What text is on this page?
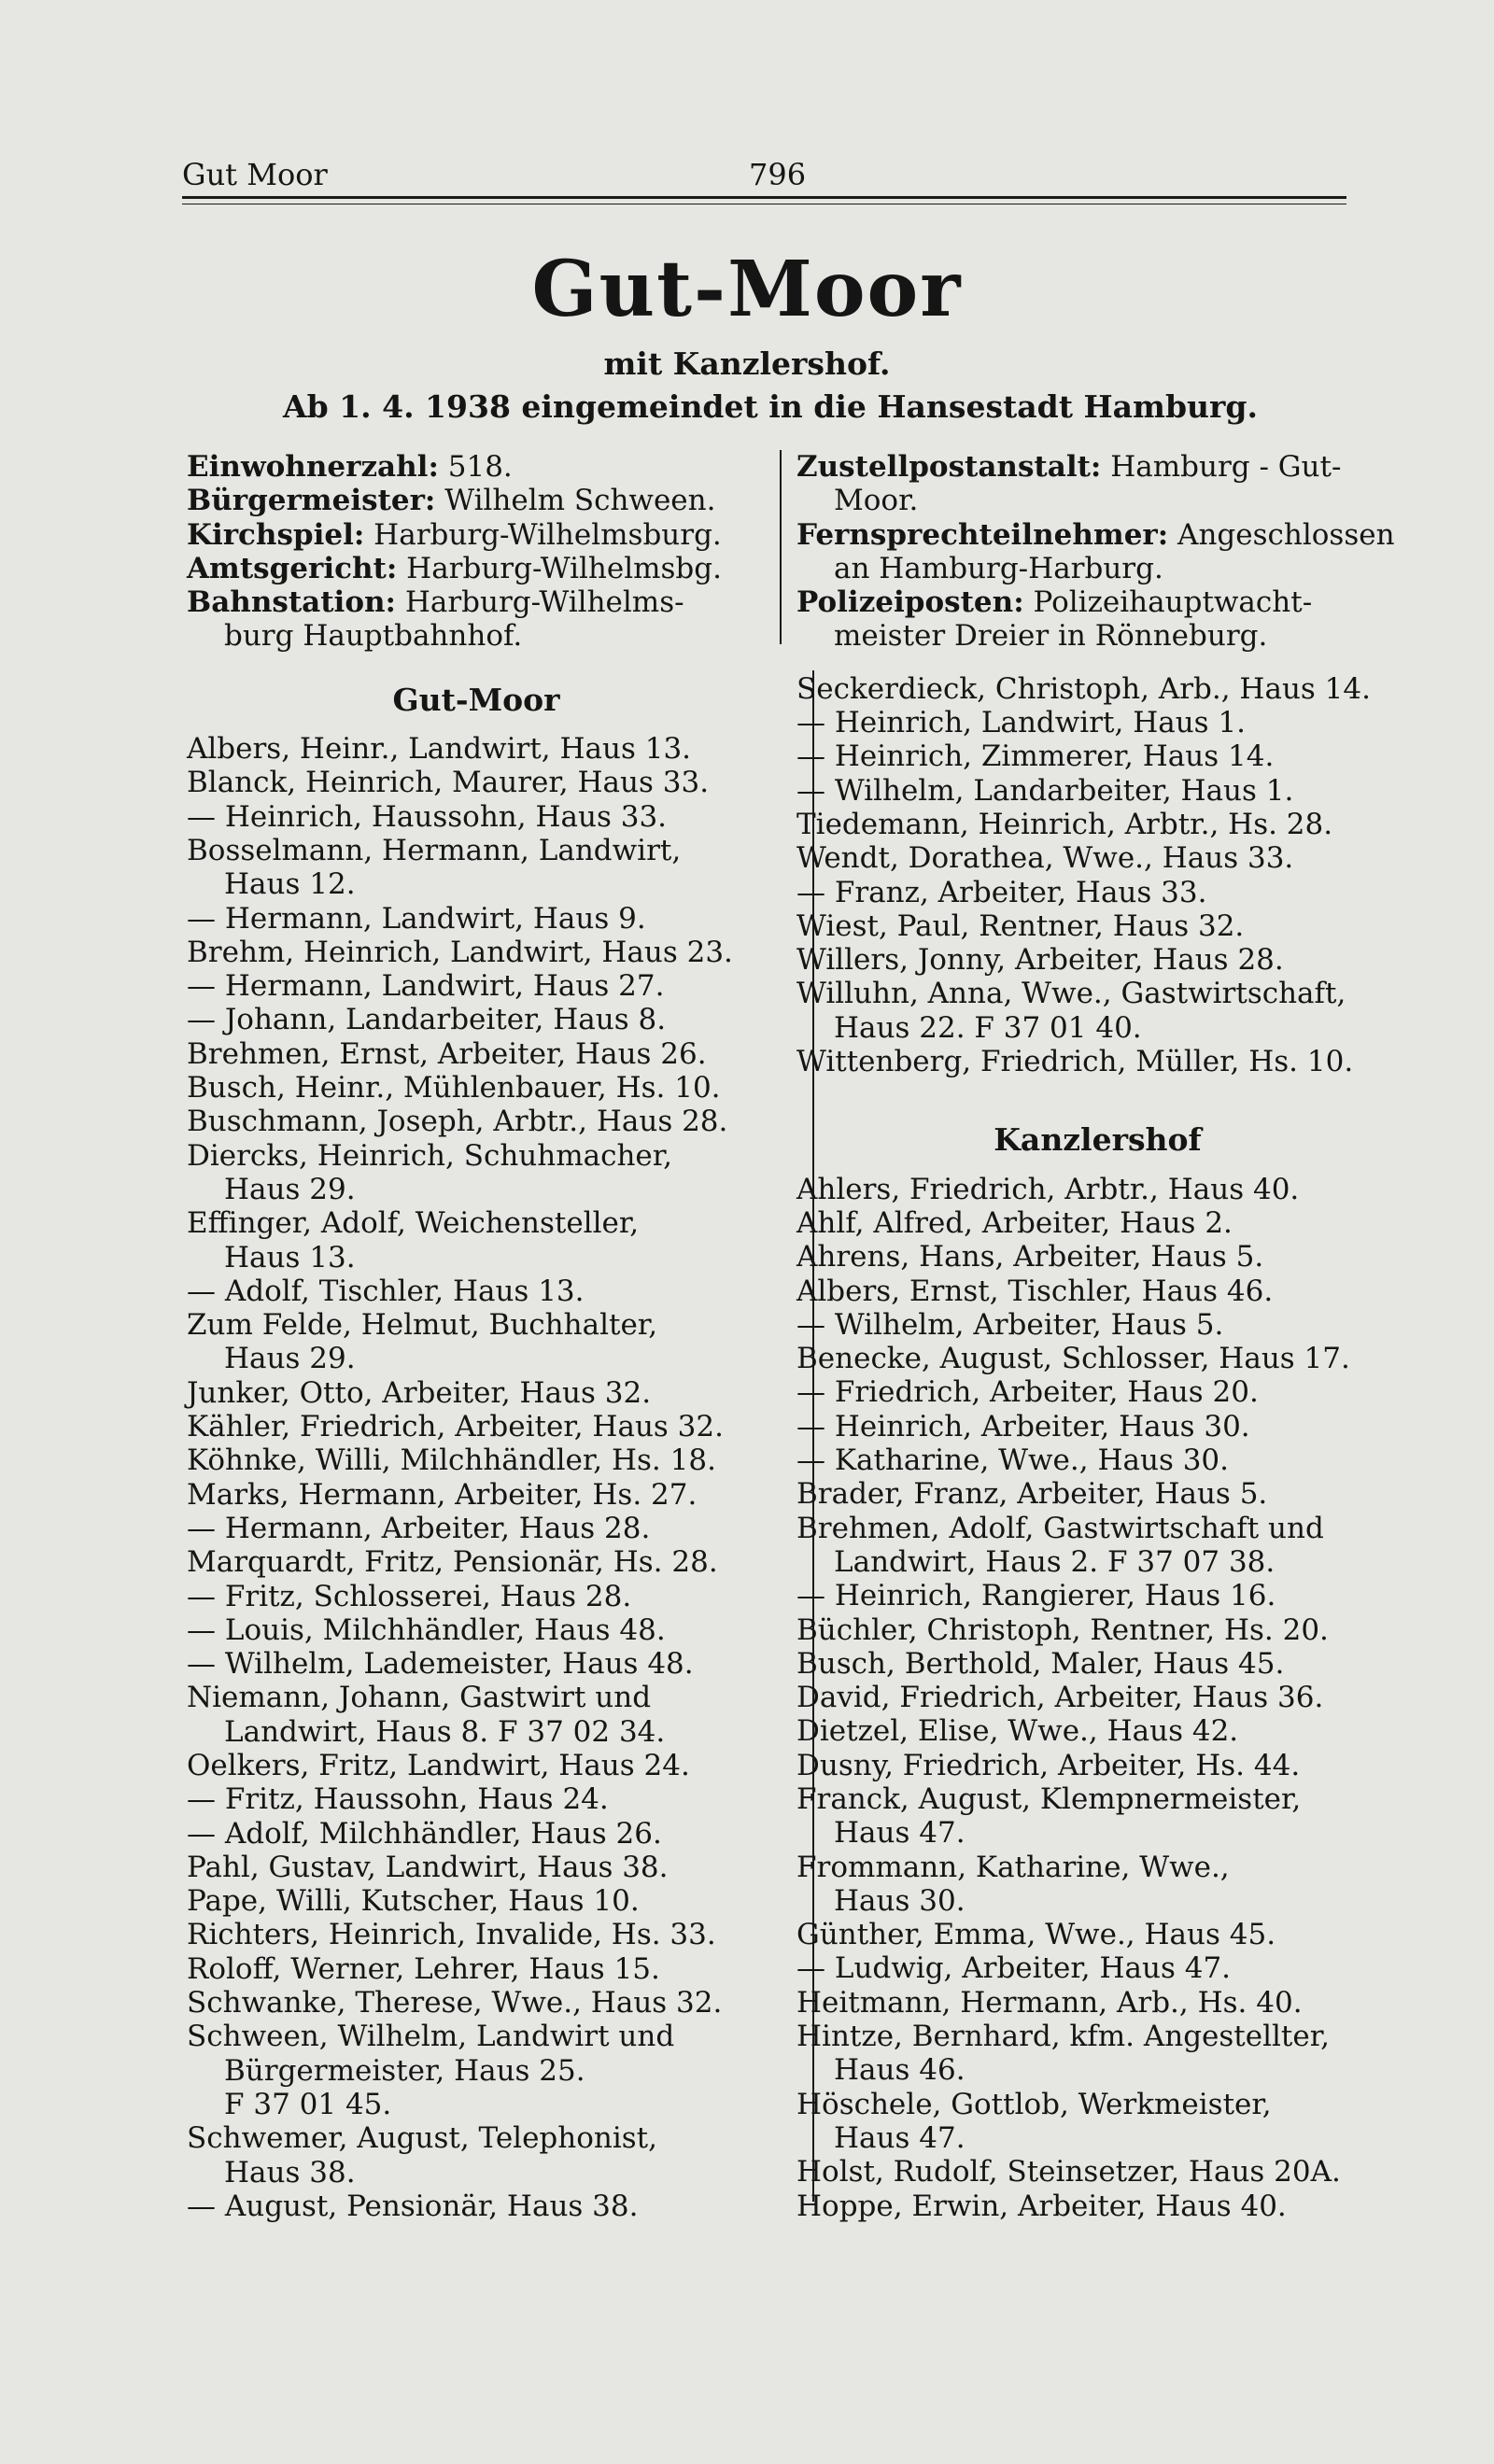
Gut Moor	796
Gut-Moor
mit Kanzlershof.
Ab 1. 4. 1938 eingemeindet in die Hansestadt Hamburg.
Einwohnerzahl: 518.
Bürgermeister: Wilhelm Schween.
Kirchspiel: Harburg-Wilhelmsburg.
Amtsgericht: Harburg-Wilhelmsbg.
Bahnstation: Harburg-Wilhelms-
burg Hauptbahnhof.
Gut-Moor
Albers, Heinr., Landwirt, Haus 13.
Blanck, Heinrich, Maurer, Haus 33.
— Heinrich, Haussohn, Haus 33.
Bosselmann, Hermann, Landwirt,
Haus 12.
— Hermann, Landwirt, Haus 9.
Brehm, Heinrich, Landwirt, Haus 23.
— Hermann, Landwirt, Haus 27.
— Johann, Landarbeiter, Haus 8.
Brehmen, Ernst, Arbeiter, Haus 26.
Busch, Heinr., Mühlenbauer, Hs. 10.
Buschmann, Joseph, Arbtr., Haus 28.
Diercks, Heinrich, Schuhmacher,
Haus 29.
Effinger, Adolf, Weichensteller,
Haus 13.
— Adolf, Tischler, Haus 13.
Zum Felde, Helmut, Buchhalter,
Haus 29.
Junker, Otto, Arbeiter, Haus 32.
Kähler, Friedrich, Arbeiter, Haus 32.
Köhnke, Willi, Milchhändler, Hs. 18.
Marks, Hermann, Arbeiter, Hs. 27.
— Hermann, Arbeiter, Haus 28.
Marquardt, Fritz, Pensionär, Hs. 28.
— Fritz, Schlosserei, Haus 28.
— Louis, Milchhändler, Haus 48.
— Wilhelm, Lademeister, Haus 48.
Niemann, Johann, Gastwirt und
Landwirt, Haus 8. F 37 02 34.
Oelkers, Fritz, Landwirt, Haus 24.
— Fritz, Haussohn, Haus 24.
— Adolf, Milchhändler, Haus 26.
Pahl, Gustav, Landwirt, Haus 38.
Pape, Willi, Kutscher, Haus 10.
Richters, Heinrich, Invalide, Hs. 33.
Roloff, Werner, Lehrer, Haus 15.
Schwanke, Therese, Wwe., Haus 32.
Schween, Wilhelm, Landwirt und
Bürgermeister, Haus 25.
F 37 01 45.
Schwemer, August, Telephonist,
Haus 38.
— August, Pensionär, Haus 38.
Zustellpostanstalt: Hamburg - Gut-
Moor.
Fernsprechteilnehmer: Angeschlossen
an Hamburg-Harburg.
Polizeiposten: Polizeihauptwacht-
meister Dreier in Rönneburg.
Seckerdieck, Christoph, Arb., Haus 14.
— Heinrich, Landwirt, Haus 1.
— Heinrich, Zimmerer, Haus 14.
— Wilhelm, Landarbeiter, Haus 1.
Tiedemann, Heinrich, Arbtr., Hs. 28.
Wendt, Dorathea, Wwe., Haus 33.
— Franz, Arbeiter, Haus 33.
Wiest, Paul, Rentner, Haus 32.
Willers, Jonny, Arbeiter, Haus 28.
Willuhn, Anna, Wwe., Gastwirtschaft,
Haus 22. F 37 01 40.
Wittenberg, Friedrich, Müller, Hs. 10.
Kanzlershof
Ahlers, Friedrich, Arbtr., Haus 40.
Ahlf, Alfred, Arbeiter, Haus 2.
Ahrens, Hans, Arbeiter, Haus 5.
Albers, Ernst, Tischler, Haus 46.
— Wilhelm, Arbeiter, Haus 5.
Benecke, August, Schlosser, Haus 17.
— Friedrich, Arbeiter, Haus 20.
— Heinrich, Arbeiter, Haus 30.
— Katharine, Wwe., Haus 30.
Brader, Franz, Arbeiter, Haus 5.
Brehmen, Adolf, Gastwirtschaft und
Landwirt, Haus 2. F 37 07 38.
— Heinrich, Rangierer, Haus 16.
Büchler, Christoph, Rentner, Hs. 20.
Busch, Berthold, Maler, Haus 45.
David, Friedrich, Arbeiter, Haus 36.
Dietzel, Elise, Wwe., Haus 42.
Dusny, Friedrich, Arbeiter, Hs. 44.
Franck, August, Klempnermeister,
Haus 47.
Frommann, Katharine, Wwe.,
Haus 30.
Günther, Emma, Wwe., Haus 45.
— Ludwig, Arbeiter, Haus 47.
Heitmann, Hermann, Arb., Hs. 40.
Hintze, Bernhard, kfm. Angestellter,
Haus 46.
Höschele, Gottlob, Werkmeister,
Haus 47.
Holst, Rudolf, Steinsetzer, Haus 20A.
Hoppe, Erwin, Arbeiter, Haus 40.
